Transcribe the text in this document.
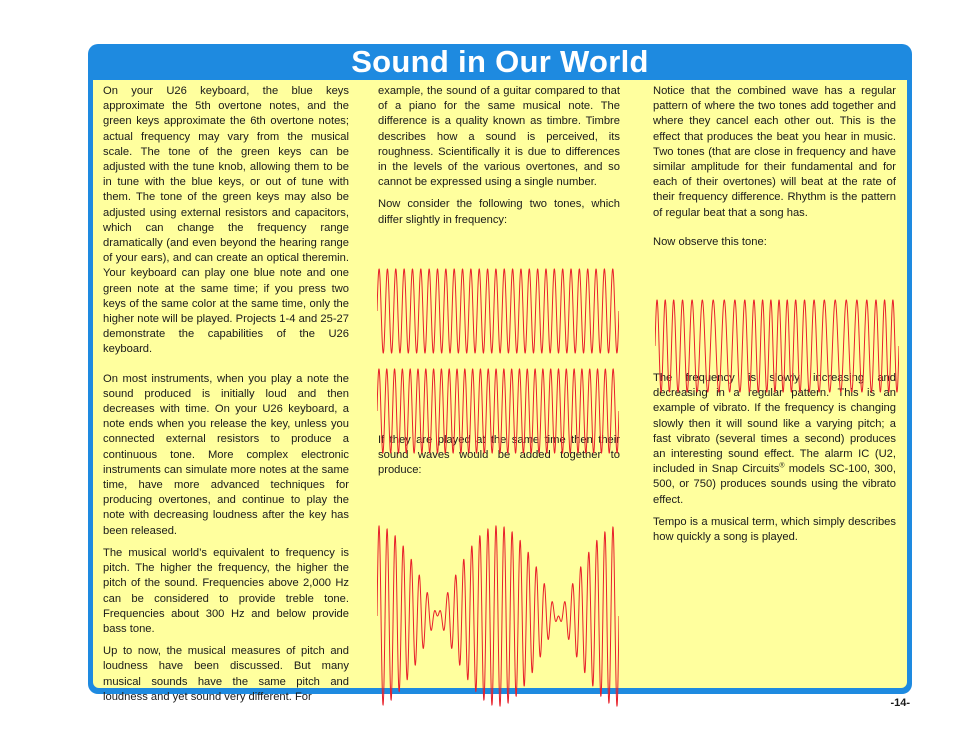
Sound in Our World

On your U26 keyboard, the blue keys approximate the 5th overtone notes, and the green keys approximate the 6th overtone notes; actual frequency may vary from the musical scale. The tone of the green keys can be adjusted with the tune knob, allowing them to be in tune with the blue keys, or out of tune with them. The tone of the green keys may also be adjusted using external resistors and capacitors, which can change the frequency range dramatically (and even beyond the hearing range of your ears), and can create an optical theremin. Your keyboard can play one blue note and one green note at the same time; if you press two keys of the same color at the same time, only the higher note will be played. Projects 1-4 and 25-27 demonstrate the capabilities of the U26 keyboard.

On most instruments, when you play a note the sound produced is initially loud and then decreases with time. On your U26 keyboard, a note ends when you release the key, unless you connected external resistors to produce a continuous tone. More complex electronic instruments can simulate more notes at the same time, have more advanced techniques for producing overtones, and continue to play the note with decreasing loudness after the key has been released.

The musical world’s equivalent to frequency is pitch. The higher the frequency, the higher the pitch of the sound. Frequencies above 2,000 Hz can be considered to provide treble tone. Frequencies about 300 Hz and below provide bass tone.

Up to now, the musical measures of pitch and loudness have been discussed. But many musical sounds have the same pitch and loudness and yet sound very different. For

example, the sound of a guitar compared to that of a piano for the same musical note. The difference is a quality known as timbre. Timbre describes how a sound is perceived, its roughness. Scientifically it is due to differences in the levels of the various overtones, and so cannot be expressed using a single number.

Now consider the following two tones, which differ slightly in frequency:

If they are played at the same time then their sound waves would be added together to produce:

Notice that the combined wave has a regular pattern of where the two tones add together and where they cancel each other out. This is the effect that produces the beat you hear in music. Two tones (that are close in frequency and have similar amplitude for their fundamental and for each of their overtones) will beat at the rate of their frequency difference. Rhythm is the pattern of regular beat that a song has.

Now observe this tone:

The frequency is slowly increasing and decreasing in a regular pattern. This is an example of vibrato. If the frequency is changing slowly then it will sound like a varying pitch; a fast vibrato (several times a second) produces an interesting sound effect. The alarm IC (U2, included in Snap Circuits® models SC-100, 300, 500, or 750) produces sounds using the vibrato effect.

Tempo is a musical term, which simply describes how quickly a song is played.

-14-
